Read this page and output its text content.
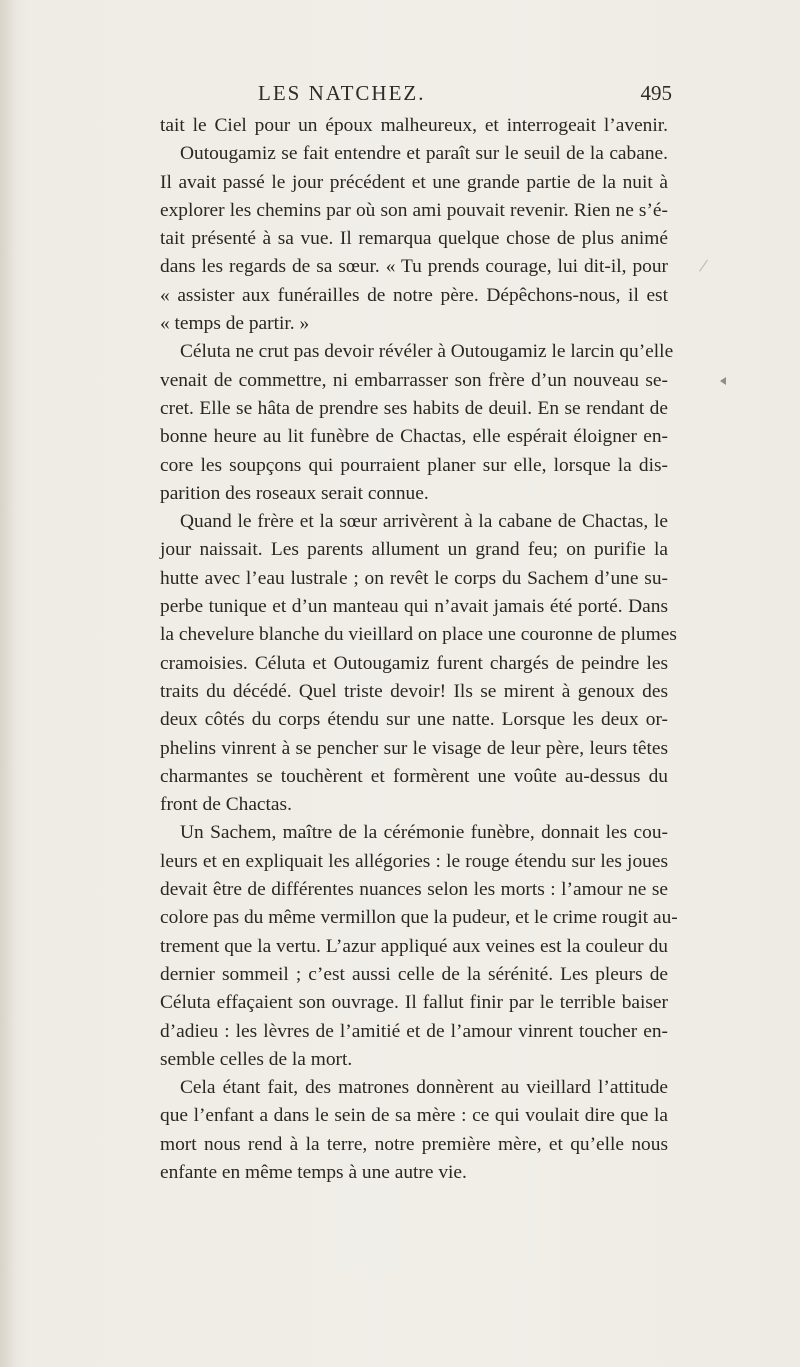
LES NATCHEZ.	495
tait le Ciel pour un époux malheureux, et interrogeait l’avenir.
Outougamiz se fait entendre et paraît sur le seuil de la cabane.
Il avait passé le jour précédent et une grande partie de la nuit à
explorer les chemins par où son ami pouvait revenir. Rien ne s’é-
tait présenté à sa vue. Il remarqua quelque chose de plus animé
dans les regards de sa sœur. « Tu prends courage, lui dit-il, pour
« assister aux funérailles de notre père. Dépêchons-nous, il est
« temps de partir. »
Céluta ne crut pas devoir révéler à Outougamiz le larcin qu’elle
venait de commettre, ni embarrasser son frère d’un nouveau se-
cret. Elle se hâta de prendre ses habits de deuil. En se rendant de
bonne heure au lit funèbre de Chactas, elle espérait éloigner en-
core les soupçons qui pourraient planer sur elle, lorsque la dis-
parition des roseaux serait connue.
Quand le frère et la sœur arrivèrent à la cabane de Chactas, le
jour naissait. Les parents allument un grand feu; on purifie la
hutte avec l’eau lustrale ; on revêt le corps du Sachem d’une su-
perbe tunique et d’un manteau qui n’avait jamais été porté. Dans
la chevelure blanche du vieillard on place une couronne de plumes
cramoisies. Céluta et Outougamiz furent chargés de peindre les
traits du décédé. Quel triste devoir! Ils se mirent à genoux des
deux côtés du corps étendu sur une natte. Lorsque les deux or-
phelins vinrent à se pencher sur le visage de leur père, leurs têtes
charmantes se touchèrent et formèrent une voûte au-dessus du
front de Chactas.
Un Sachem, maître de la cérémonie funèbre, donnait les cou-
leurs et en expliquait les allégories : le rouge étendu sur les joues
devait être de différentes nuances selon les morts : l’amour ne se
colore pas du même vermillon que la pudeur, et le crime rougit au-
trement que la vertu. L’azur appliqué aux veines est la couleur du
dernier sommeil ; c’est aussi celle de la sérénité. Les pleurs de
Céluta effaçaient son ouvrage. Il fallut finir par le terrible baiser
d’adieu : les lèvres de l’amitié et de l’amour vinrent toucher en-
semble celles de la mort.
Cela étant fait, des matrones donnèrent au vieillard l’attitude
que l’enfant a dans le sein de sa mère : ce qui voulait dire que la
mort nous rend à la terre, notre première mère, et qu’elle nous
enfante en même temps à une autre vie.
